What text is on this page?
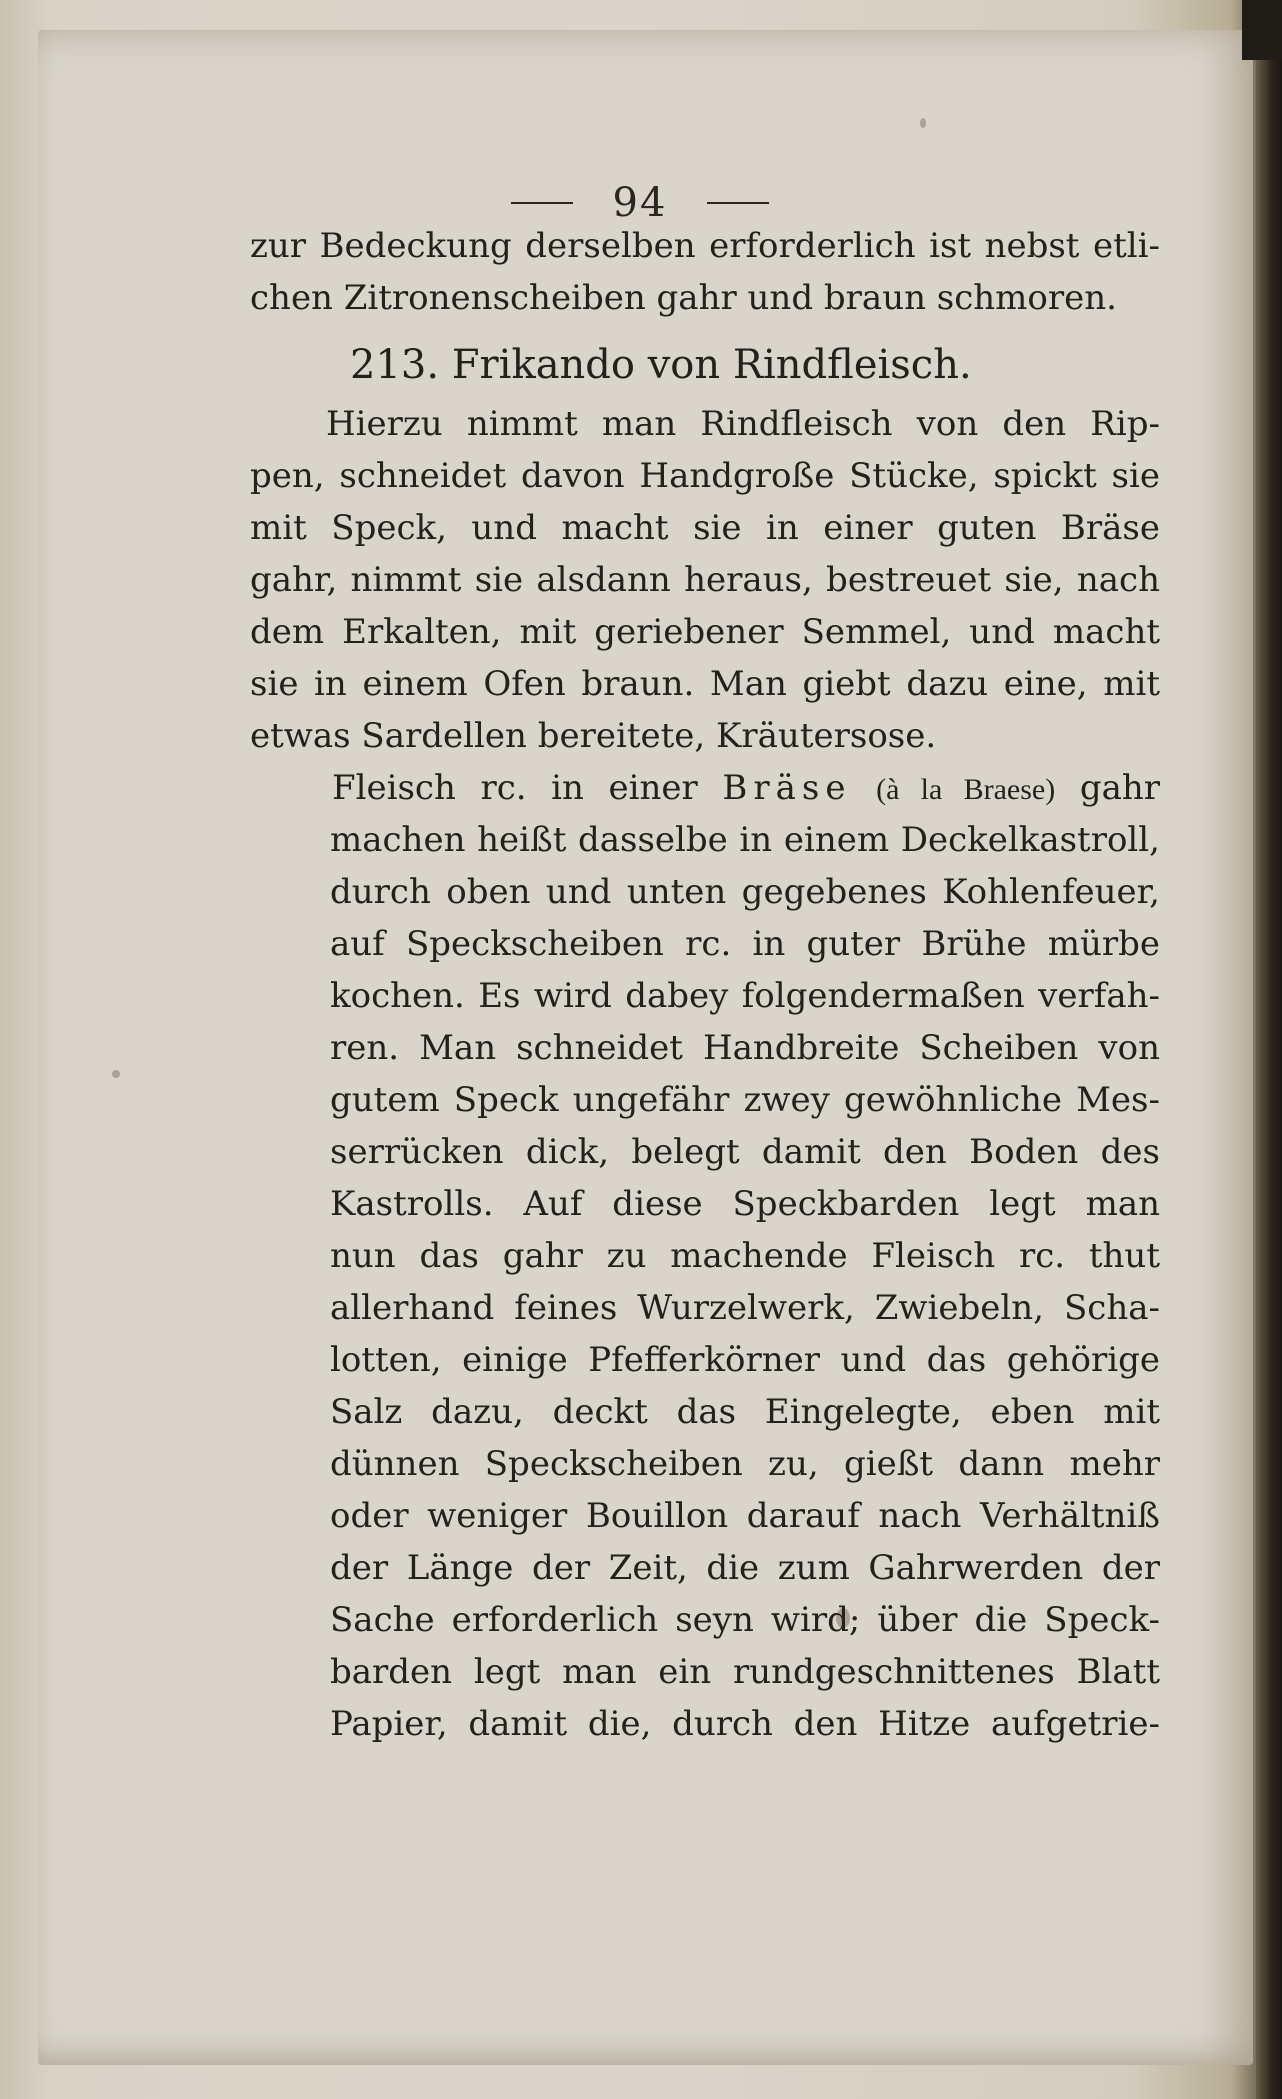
94
zur Bedeckung derselben erforderlich ist nebst etli-
chen Zitronenscheiben gahr und braun schmoren.
213. Frikando von Rindfleisch.
Hierzu nimmt man Rindfleisch von den Rip-
pen, schneidet davon Handgroße Stücke, spickt sie
mit Speck, und macht sie in einer guten Bräse
gahr, nimmt sie alsdann heraus, bestreuet sie, nach
dem Erkalten, mit geriebener Semmel, und macht
sie in einem Ofen braun. Man giebt dazu eine, mit
etwas Sardellen bereitete, Kräutersose.
Fleisch rc. in einer Bräse (à la Braese) gahr
machen heißt dasselbe in einem Deckelkastroll,
durch oben und unten gegebenes Kohlenfeuer,
auf Speckscheiben rc. in guter Brühe mürbe
kochen. Es wird dabey folgendermaßen verfah-
ren. Man schneidet Handbreite Scheiben von
gutem Speck ungefähr zwey gewöhnliche Mes-
serrücken dick, belegt damit den Boden des
Kastrolls. Auf diese Speckbarden legt man
nun das gahr zu machende Fleisch rc. thut
allerhand feines Wurzelwerk, Zwiebeln, Scha-
lotten, einige Pfefferkörner und das gehörige
Salz dazu, deckt das Eingelegte, eben mit
dünnen Speckscheiben zu, gießt dann mehr
oder weniger Bouillon darauf nach Verhältniß
der Länge der Zeit, die zum Gahrwerden der
Sache erforderlich seyn wird; über die Speck-
barden legt man ein rundgeschnittenes Blatt
Papier, damit die, durch den Hitze aufgetrie-
